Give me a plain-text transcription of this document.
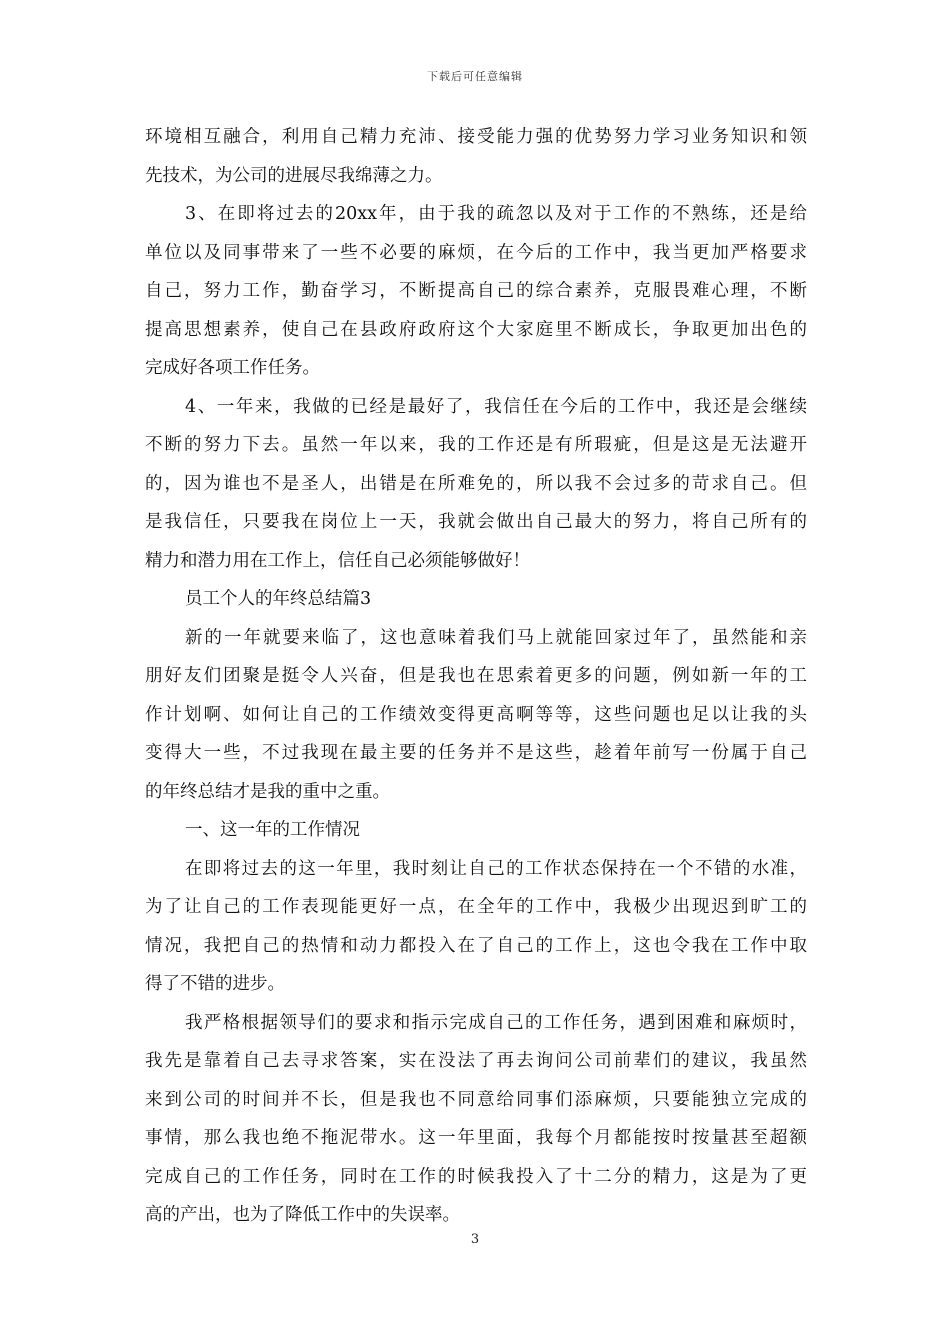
下载后可任意编辑
环境相互融合，利用自己精力充沛、接受能力强的优势努力学习业务知识和领
先技术，为公司的进展尽我绵薄之力。
3、在即将过去的20xx年，由于我的疏忽以及对于工作的不熟练，还是给
单位以及同事带来了一些不必要的麻烦，在今后的工作中，我当更加严格要求
自己，努力工作，勤奋学习，不断提高自己的综合素养，克服畏难心理，不断
提高思想素养，使自己在县政府政府这个大家庭里不断成长，争取更加出色的
完成好各项工作任务。
4、一年来，我做的已经是最好了，我信任在今后的工作中，我还是会继续
不断的努力下去。虽然一年以来，我的工作还是有所瑕疵，但是这是无法避开
的，因为谁也不是圣人，出错是在所难免的，所以我不会过多的苛求自己。但
是我信任，只要我在岗位上一天，我就会做出自己最大的努力，将自己所有的
精力和潜力用在工作上，信任自己必须能够做好！
员工个人的年终总结篇3
新的一年就要来临了，这也意味着我们马上就能回家过年了，虽然能和亲
朋好友们团聚是挺令人兴奋，但是我也在思索着更多的问题，例如新一年的工
作计划啊、如何让自己的工作绩效变得更高啊等等，这些问题也足以让我的头
变得大一些，不过我现在最主要的任务并不是这些，趁着年前写一份属于自己
的年终总结才是我的重中之重。
一、这一年的工作情况
在即将过去的这一年里，我时刻让自己的工作状态保持在一个不错的水准，
为了让自己的工作表现能更好一点，在全年的工作中，我极少出现迟到旷工的
情况，我把自己的热情和动力都投入在了自己的工作上，这也令我在工作中取
得了不错的进步。
我严格根据领导们的要求和指示完成自己的工作任务，遇到困难和麻烦时，
我先是靠着自己去寻求答案，实在没法了再去询问公司前辈们的建议，我虽然
来到公司的时间并不长，但是我也不同意给同事们添麻烦，只要能独立完成的
事情，那么我也绝不拖泥带水。这一年里面，我每个月都能按时按量甚至超额
完成自己的工作任务，同时在工作的时候我投入了十二分的精力，这是为了更
高的产出，也为了降低工作中的失误率。
3
